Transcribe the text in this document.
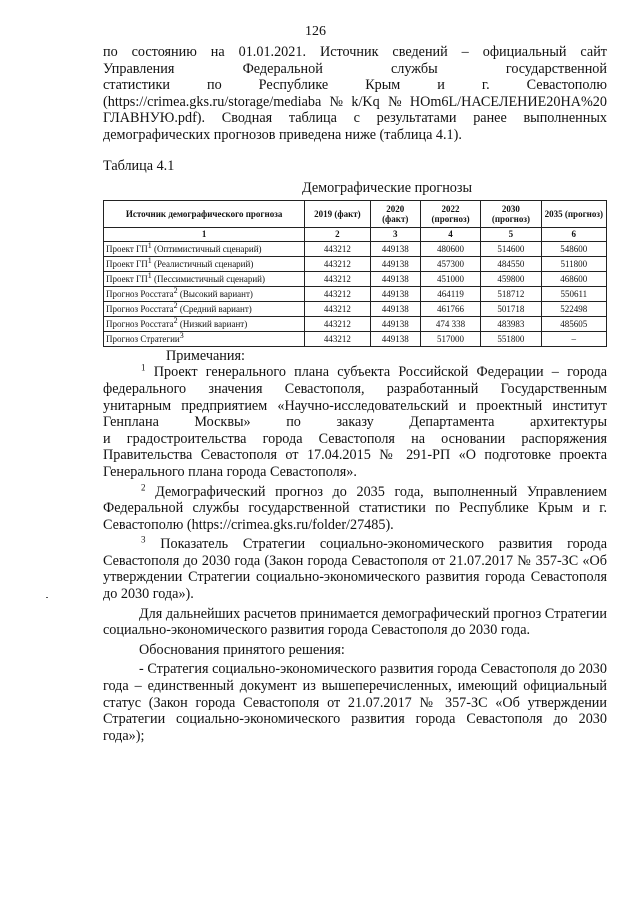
126

по состоянию на 01.01.2021. Источник сведений – официальный сайт

Управления Федеральной службы государственной

статистики по Республике Крым и г. Севастополю

(https://crimea.gks.ru/storage/mediaba№k/Kq№HOm6L/НАСЕЛЕНИЕ20НА%20 ГЛАВНУЮ.pdf). Сводная таблица с результатами ранее выполненных демографических прогнозов приведена ниже (таблица 4.1).

Таблица 4.1

Демографические прогнозы

Источник демографического прогноза	2019 (факт)	2020 (факт)	2022 (прогноз)	2030 (прогноз)	2035 (прогноз)
1	2	3	4	5	6
Проект $ГП^1$ (Оптимистичный сценарий)	443212	449138	480600	514600	548600
Проект $ГП^1$ (Реалистичный сценарий)	443212	449138	457300	484550	511800
Проект $ГП^1$ (Пессимистичный сценарий)	443212	449138	451000	459800	468600
Прогноз Росстата$^2$ (Высокий вариант)	443212	449138	464119	518712	550611
Прогноз Росстата$^2$ (Средний вариант)	443212	449138	461766	501718	522498
Прогноз Росстата$^2$ (Низкий вариант)	443212	449138	474 338	483983	485605
Прогноз Стратегии$^3$	443212	449138	517000	551800	–

Примечания:

$^1$ Проект генерального плана субъекта Российской Федерации – города

федерального значения Севастополя, разработанный Государственным

унитарным предприятием «Научно-исследовательский и проектный институт

Генплана Москвы» по заказу Департамента архитектуры

и градостроительства города Севастополя на основании распоряжения Правительства Севастополя от 17.04.2015 № 291-РП «О подготовке проекта Генерального плана города Севастополя».

$^2$ Демографический прогноз до 2035 года, выполненный Управлением Федеральной службы государственной статистики по Республике Крым и г. Севастополю (https://crimea.gks.ru/folder/27485).

$^3$ Показатель Стратегии социально-экономического развития города Севастополя до 2030 года (Закон города Севастополя от 21.07.2017 № 357-ЗС «Об утверждении Стратегии социально-экономического развития города Севастополя до 2030 года»).

Для дальнейших расчетов принимается демографический прогноз Стратегии социально-экономического развития города Севастополя до 2030 года.

Обоснования принятого решения:

- Стратегия социально-экономического развития города Севастополя до 2030 года – единственный документ из вышеперечисленных, имеющий официальный статус (Закон города Севастополя от 21.07.2017 № 357-ЗС «Об утверждении Стратегии социально-экономического развития города Севастополя до 2030 года»);
